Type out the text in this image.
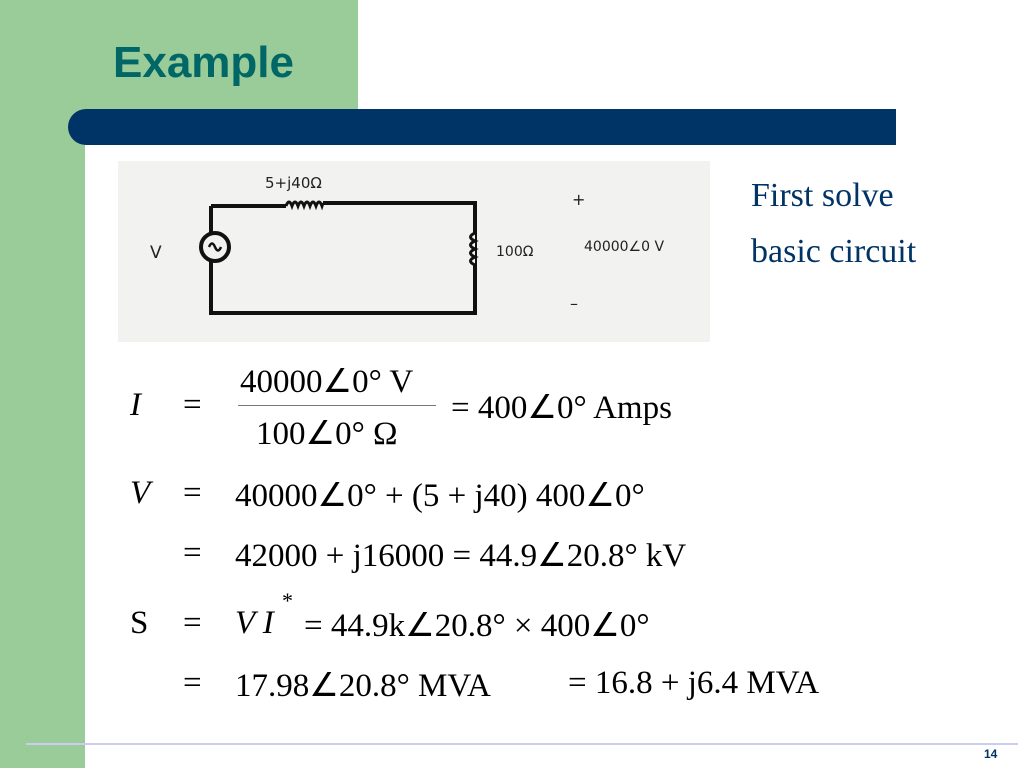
Example
5+j40Ω
V	100Ω	40000∠0 V
+
–
First solve
basic circuit
I =
40000∠0° V
100∠0° Ω
= 400∠0° Amps
V = 40000∠0° + (5 + j40) 400∠0°
= 42000 + j16000 = 44.9∠20.8° kV
S = V I
*
= 44.9k∠20.8° × 400∠0°
= 17.98∠20.8° MVA = 16.8 + j6.4 MVA
14
